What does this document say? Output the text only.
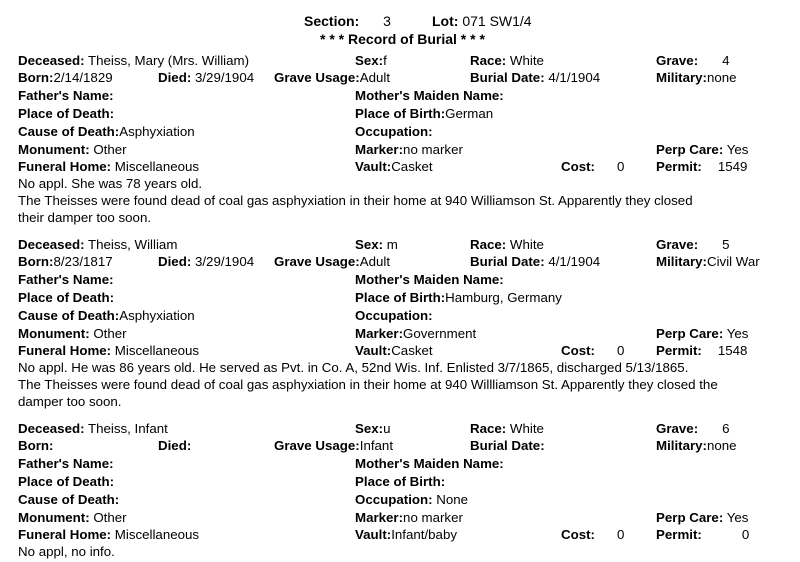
Section: 3	Lot: 071 SW1/4
* * * Record of Burial * * *
Deceased: Theiss, Mary (Mrs. William)	Sex:f	Race: White	Grave: 4
Born:2/14/1829	Died: 3/29/1904 Grave Usage:Adult	Burial Date: 4/1/1904	Military:none
Father's Name:	Mother's Maiden Name:
Place of Death:	Place of Birth:German
Cause of Death:Asphyxiation	Occupation:
Monument: Other	Marker:no marker	Perp Care: Yes
Funeral Home: Miscellaneous	Vault:Casket	Cost: 0 Permit: 1549
No appl. She was 78 years old.
The Theisses were found dead of coal gas asphyxiation in their home at 940 Williamson St. Apparently they closed
their damper too soon.
Deceased: Theiss, William	Sex: m	Race: White	Grave: 5
Born:8/23/1817	Died: 3/29/1904 Grave Usage:Adult	Burial Date: 4/1/1904	Military:Civil War
Father's Name:	Mother's Maiden Name:
Place of Death:	Place of Birth:Hamburg, Germany
Cause of Death:Asphyxiation	Occupation:
Monument: Other	Marker:Government	Perp Care: Yes
Funeral Home: Miscellaneous	Vault:Casket	Cost: 0 Permit: 1548
No appl. He was 86 years old. He served as Pvt. in Co. A, 52nd Wis. Inf. Enlisted 3/7/1865, discharged 5/13/1865.
The Theisses were found dead of coal gas asphyxiation in their home at 940 Willliamson St. Apparently they closed the
damper too soon.
Deceased: Theiss, Infant	Sex:u	Race: White	Grave: 6
Born:	Died:	Grave Usage:Infant	Burial Date:	Military:none
Father's Name:	Mother's Maiden Name:
Place of Death:	Place of Birth:
Cause of Death:	Occupation: None
Monument: Other	Marker:no marker	Perp Care: Yes
Funeral Home: Miscellaneous	Vault:Infant/baby	Cost: 0 Permit:	0
No appl, no info.
